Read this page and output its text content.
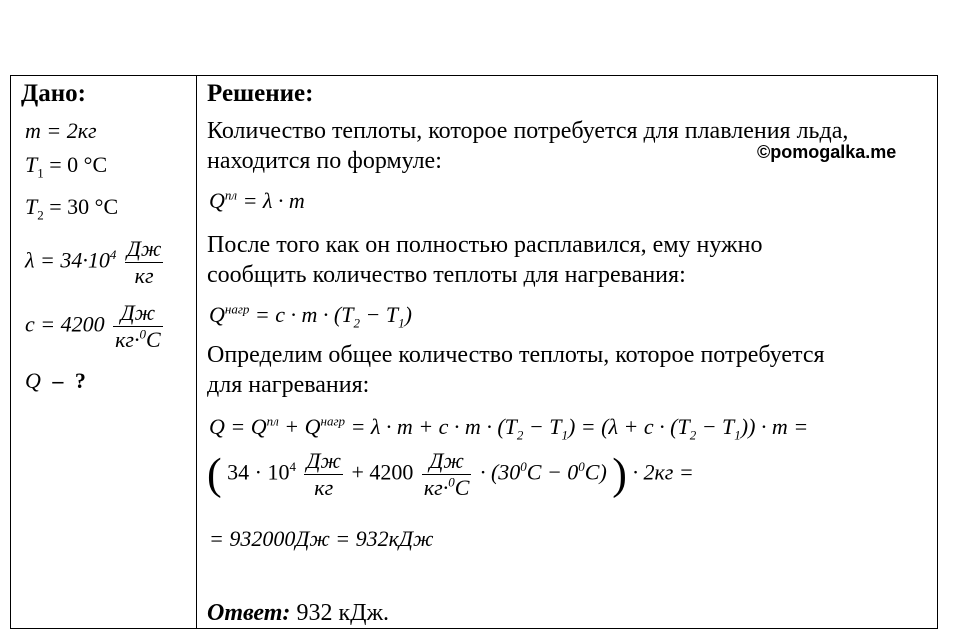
Дано:
m = 2кг
$T_1 = 0$ °C
$T_2 = 30$ °C
$\lambda = 34\cdot 10^4 \frac{Дж}{кг}$
$c = 4200 \frac{Дж}{кг\cdot^0C}$
Q – ?
Решение:
Количество теплоты, которое потребуется для плавления льда,
находится по формуле:	©pomogalka.me
$Q^{пл} = \lambda \cdot m$
После того как он полностью расплавился, ему нужно
сообщить количество теплоты для нагревания:
$Q^{нагр} = c \cdot m \cdot (T_2 - T_1)$
Определим общее количество теплоты, которое потребуется
для нагревания:
$Q = Q^{пл} + Q^{нагр} = \lambda \cdot m + c \cdot m \cdot (T_2 - T_1) = (\lambda + c \cdot (T_2 - T_1)) \cdot m$ =
( $34 \cdot 10^4 \frac{Дж}{кг} + 4200 \frac{Дж}{кг\cdot^0C} \cdot (30^0C - 0^0C)$ ) · 2кг =
= 932000Дж = 932кДж
Ответ: 932 кДж.
